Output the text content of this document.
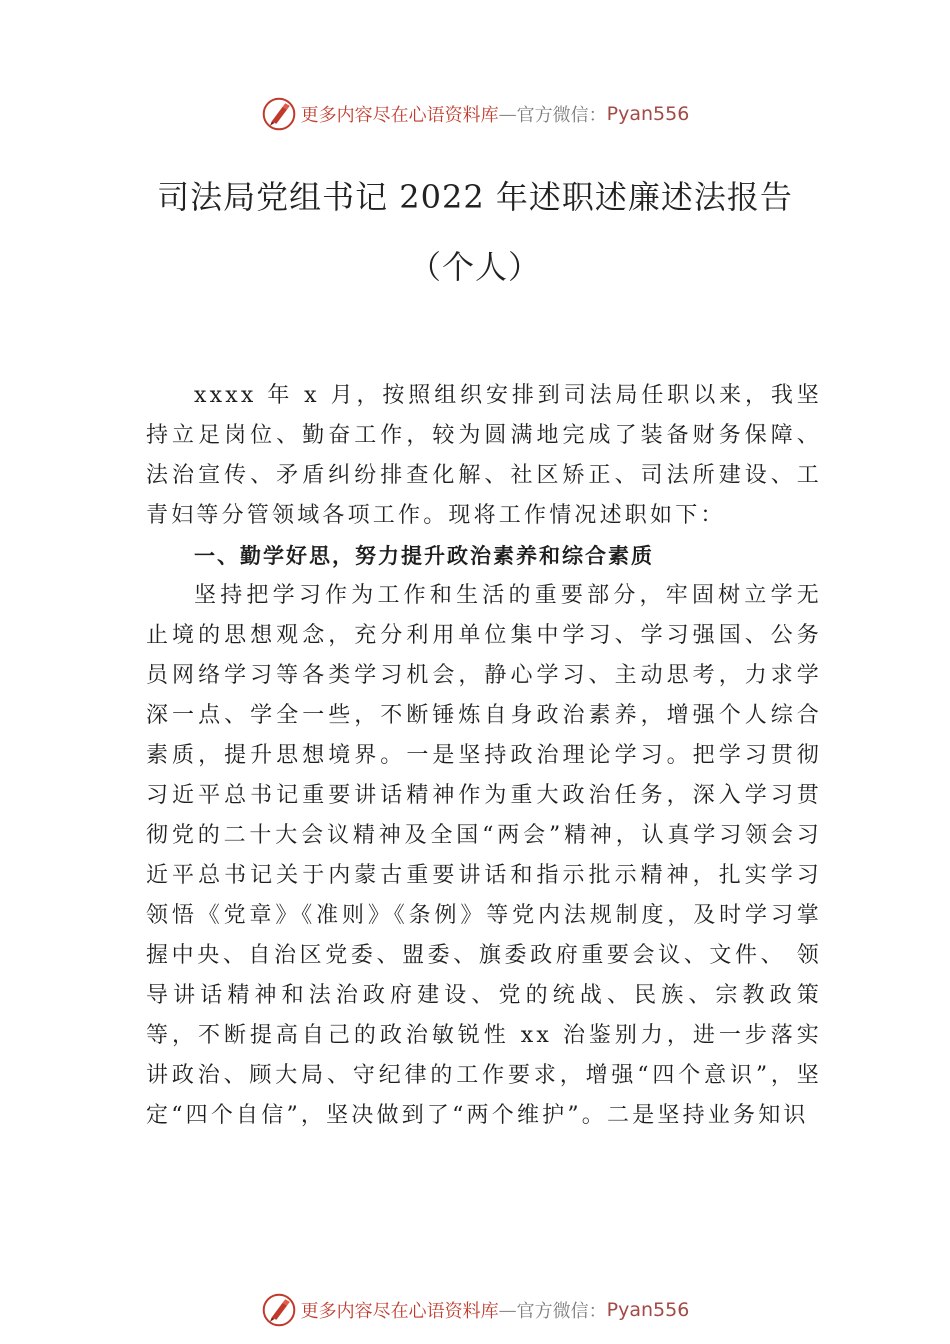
更多内容尽在心语资料库 — 官方微信： Pyan556
司法局党组书记 2022 年述职述廉述法报告
（个人）

xxxx 年 x 月，按照组织安排到司法局任职以来，我坚持立足岗位、勤奋工作，较为圆满地完成了装备财务保障、法治宣传、矛盾纠纷排查化解、社区矫正、司法所建设、工青妇等分管领域各项工作。现将工作情况述职如下：

一、勤学好思，努力提升政治素养和综合素质

坚持把学习作为工作和生活的重要部分，牢固树立学无止境的思想观念，充分利用单位集中学习、学习强国、公务员网络学习等各类学习机会，静心学习、主动思考，力求学深一点、学全一些，不断锤炼自身政治素养，增强个人综合素质，提升思想境界。一是坚持政治理论学习。把学习贯彻习近平总书记重要讲话精神作为重大政治任务，深入学习贯彻党的二十大会议精神及全国“两会”精神，认真学习领会习近平总书记关于内蒙古重要讲话和指示批示精神，扎实学习领悟《党章》《准则》《条例》等党内法规制度，及时学习掌握中央、自治区党委、盟委、旗委政府重要会议、文件、 领导讲话精神和法治政府建设、党的统战、民族、宗教政策等，不断提高自己的政治敏锐性 xx 治鉴别力，进一步落实讲政治、顾大局、守纪律的工作要求，增强“四个意识”，坚定“四个自信”，坚决做到了“两个维护”。二是坚持业务知识

更多内容尽在心语资料库 — 官方微信： Pyan556
